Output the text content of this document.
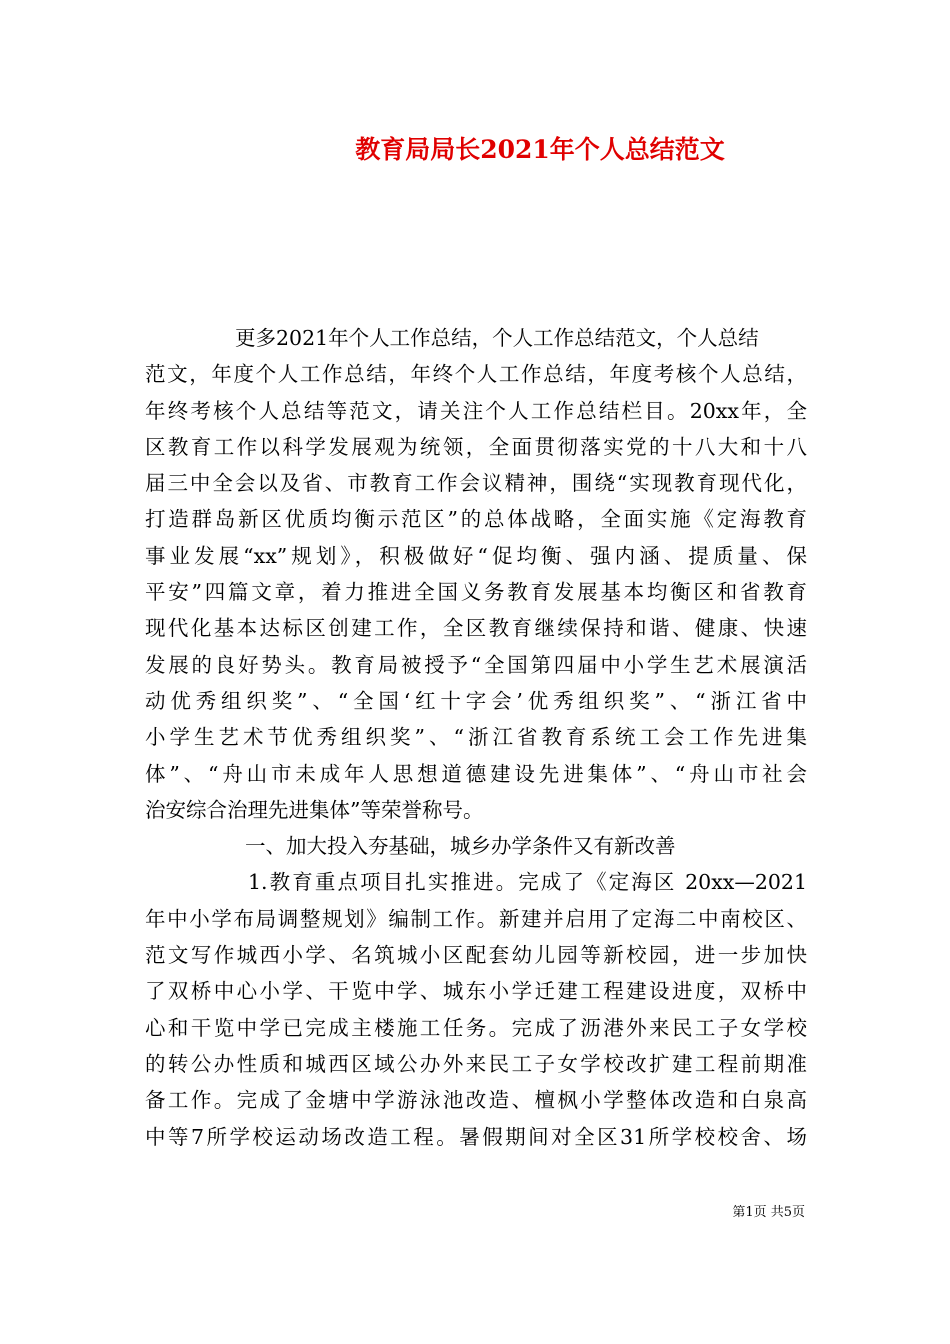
教育局局长2021年个人总结范文
更多2021年个人工作总结，个人工作总结范文，个人总结
范文，年度个人工作总结，年终个人工作总结，年度考核个人总结，
年终考核个人总结等范文，请关注个人工作总结栏目。20xx年，全
区教育工作以科学发展观为统领，全面贯彻落实党的十八大和十八
届三中全会以及省、市教育工作会议精神，围绕“实现教育现代化，
打造群岛新区优质均衡示范区”的总体战略，全面实施《定海教育
事业发展“xx”规划》，积极做好“促均衡、强内涵、提质量、保
平安”四篇文章，着力推进全国义务教育发展基本均衡区和省教育
现代化基本达标区创建工作，全区教育继续保持和谐、健康、快速
发展的良好势头。教育局被授予“全国第四届中小学生艺术展演活
动优秀组织奖”、“全国‘红十字会’优秀组织奖”、“浙江省中
小学生艺术节优秀组织奖”、“浙江省教育系统工会工作先进集
体”、“舟山市未成年人思想道德建设先进集体”、“舟山市社会
治安综合治理先进集体”等荣誉称号。
一、加大投入夯基础，城乡办学条件又有新改善
1.教育重点项目扎实推进。完成了《定海区 20xx—2021
年中小学布局调整规划》编制工作。新建并启用了定海二中南校区、
范文写作城西小学、名筑城小区配套幼儿园等新校园，进一步加快
了双桥中心小学、干览中学、城东小学迁建工程建设进度，双桥中
心和干览中学已完成主楼施工任务。完成了沥港外来民工子女学校
的转公办性质和城西区域公办外来民工子女学校改扩建工程前期准
备工作。完成了金塘中学游泳池改造、檀枫小学整体改造和白泉高
中等7所学校运动场改造工程。暑假期间对全区31所学校校舍、场
第1页 共5页
